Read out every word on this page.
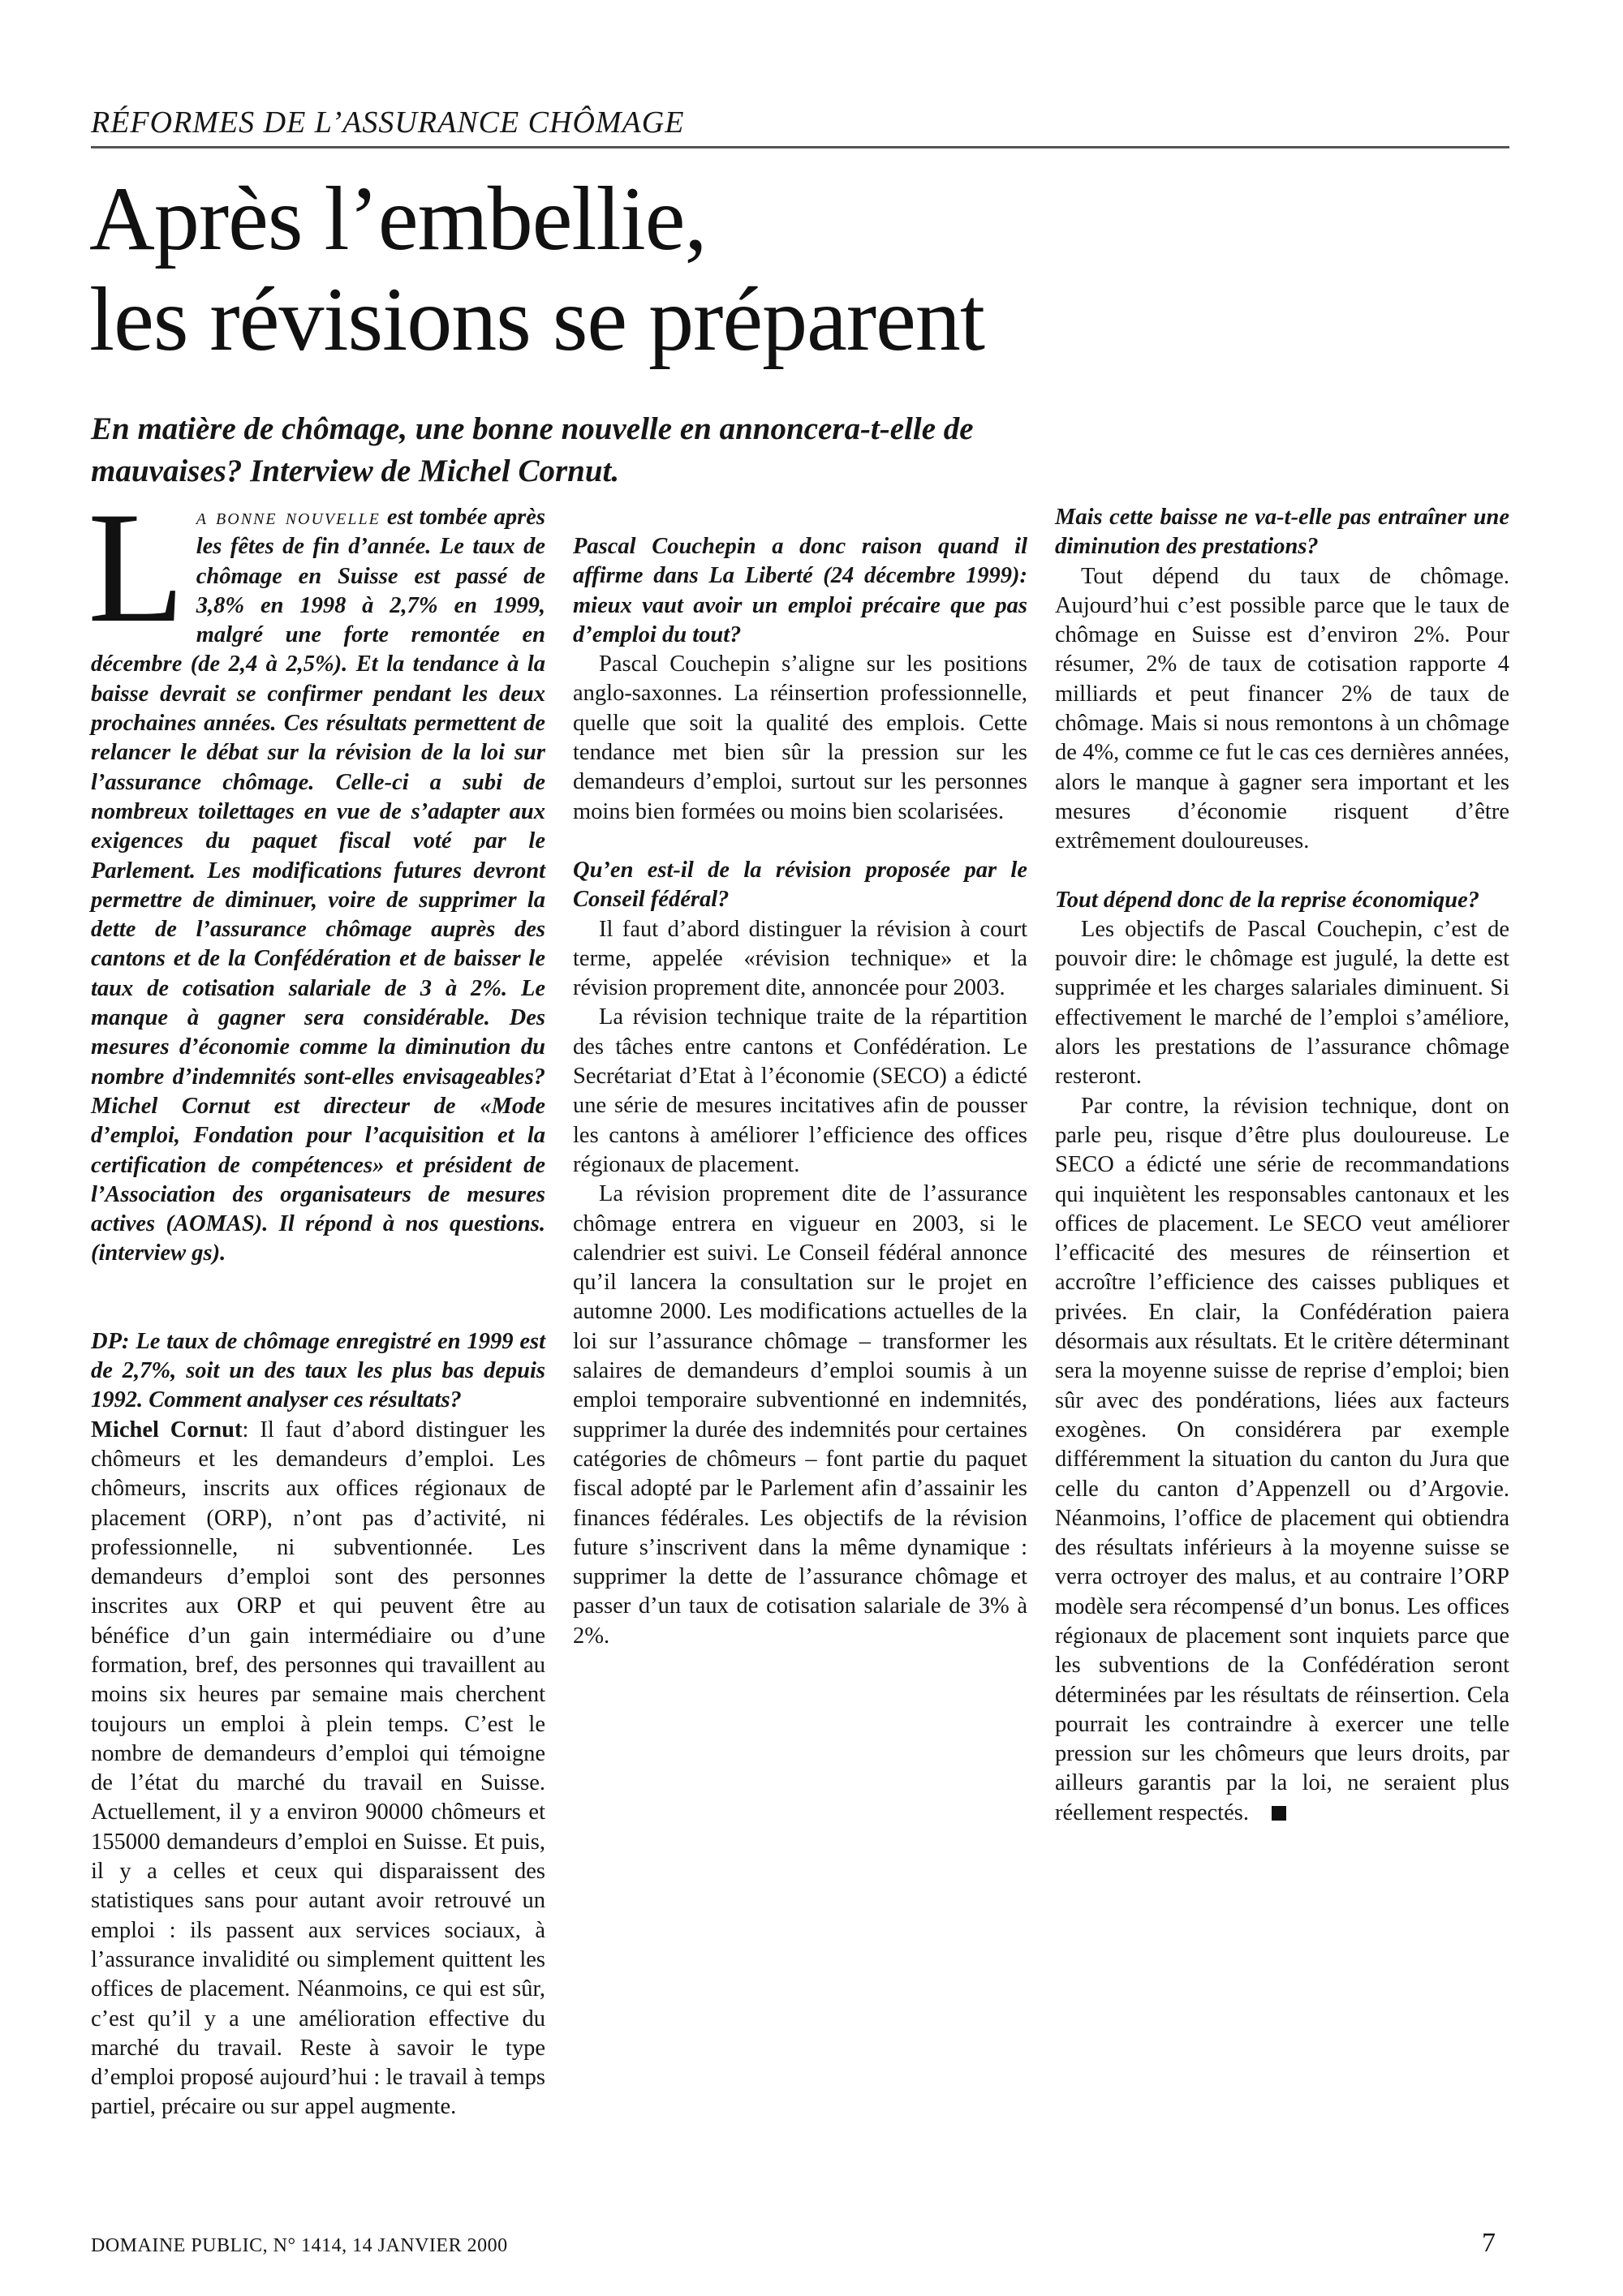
RÉFORMES DE L’ASSURANCE CHÔMAGE
Après l’embellie,
les révisions se préparent

En matière de chômage, une bonne nouvelle en annoncera-t-elle de
mauvaises? Interview de Michel Cornut.

La bonne nouvelle est tombée après les fêtes de fin d’année. Le taux de chômage en Suisse est passé de 3,8% en 1998 à 2,7% en 1999, malgré une forte remontée en décembre (de 2,4 à 2,5%). Et la tendance à la baisse devrait se confirmer pendant les deux prochaines années. Ces résultats permettent de relancer le débat sur la révision de la loi sur l’assurance chômage. Celle-ci a subi de nombreux toilettages en vue de s’adapter aux exigences du paquet fiscal voté par le Parlement. Les modifications futures devront permettre de diminuer, voire de supprimer la dette de l’assurance chômage auprès des cantons et de la Confédération et de baisser le taux de cotisation salariale de 3 à 2%. Le manque à gagner sera considérable. Des mesures d’économie comme la diminution du nombre d’indemnités sont-elles envisageables? Michel Cornut est directeur de «Mode d’emploi, Fondation pour l’acquisition et la certification de compétences» et président de l’Association des organisateurs de mesures actives (AOMAS). Il répond à nos questions. (interview gs).

DP: Le taux de chômage enregistré en 1999 est de 2,7%, soit un des taux les plus bas depuis 1992. Comment analyser ces résultats?

Michel Cornut: Il faut d’abord distinguer les chômeurs et les demandeurs d’emploi. Les chômeurs, inscrits aux offices régionaux de placement (ORP), n’ont pas d’activité, ni professionnelle, ni subventionnée. Les demandeurs d’emploi sont des personnes inscrites aux ORP et qui peuvent être au bénéfice d’un gain intermédiaire ou d’une formation, bref, des personnes qui travaillent au moins six heures par semaine mais cherchent toujours un emploi à plein temps. C’est le nombre de demandeurs d’emploi qui témoigne de l’état du marché du travail en Suisse. Actuellement, il y a environ 90000 chômeurs et 155000 demandeurs d’emploi en Suisse. Et puis, il y a celles et ceux qui disparaissent des statistiques sans pour autant avoir retrouvé un emploi : ils passent aux services sociaux, à l’assurance invalidité ou simplement quittent les offices de placement. Néanmoins, ce qui est sûr, c’est qu’il y a une amélioration effective du marché du travail. Reste à savoir le type d’emploi proposé aujourd’hui : le travail à temps partiel, précaire ou sur appel augmente.

Pascal Couchepin a donc raison quand il affirme dans La Liberté (24 décembre 1999): mieux vaut avoir un emploi précaire que pas d’emploi du tout?

Pascal Couchepin s’aligne sur les positions anglo-saxonnes. La réinsertion professionnelle, quelle que soit la qualité des emplois. Cette tendance met bien sûr la pression sur les demandeurs d’emploi, surtout sur les personnes moins bien formées ou moins bien scolarisées.

Qu’en est-il de la révision proposée par le Conseil fédéral?

Il faut d’abord distinguer la révision à court terme, appelée «révision technique» et la révision proprement dite, annoncée pour 2003.

La révision technique traite de la répartition des tâches entre cantons et Confédération. Le Secrétariat d’Etat à l’économie (SECO) a édicté une série de mesures incitatives afin de pousser les cantons à améliorer l’efficience des offices régionaux de placement.

La révision proprement dite de l’assurance chômage entrera en vigueur en 2003, si le calendrier est suivi. Le Conseil fédéral annonce qu’il lancera la consultation sur le projet en automne 2000. Les modifications actuelles de la loi sur l’assurance chômage – transformer les salaires de demandeurs d’emploi soumis à un emploi temporaire subventionné en indemnités, supprimer la durée des indemnités pour certaines catégories de chômeurs – font partie du paquet fiscal adopté par le Parlement afin d’assainir les finances fédérales. Les objectifs de la révision future s’inscrivent dans la même dynamique : supprimer la dette de l’assurance chômage et passer d’un taux de cotisation salariale de 3% à 2%.

Mais cette baisse ne va-t-elle pas entraîner une diminution des prestations?

Tout dépend du taux de chômage. Aujourd’hui c’est possible parce que le taux de chômage en Suisse est d’environ 2%. Pour résumer, 2% de taux de cotisation rapporte 4 milliards et peut financer 2% de taux de chômage. Mais si nous remontons à un chômage de 4%, comme ce fut le cas ces dernières années, alors le manque à gagner sera important et les mesures d’économie risquent d’être extrêmement douloureuses.

Tout dépend donc de la reprise économique?

Les objectifs de Pascal Couchepin, c’est de pouvoir dire: le chômage est jugulé, la dette est supprimée et les charges salariales diminuent. Si effectivement le marché de l’emploi s’améliore, alors les prestations de l’assurance chômage resteront.

Par contre, la révision technique, dont on parle peu, risque d’être plus douloureuse. Le SECO a édicté une série de recommandations qui inquiètent les responsables cantonaux et les offices de placement. Le SECO veut améliorer l’efficacité des mesures de réinsertion et accroître l’efficience des caisses publiques et privées. En clair, la Confédération paiera désormais aux résultats. Et le critère déterminant sera la moyenne suisse de reprise d’emploi; bien sûr avec des pondérations, liées aux facteurs exogènes. On considérera par exemple différemment la situation du canton du Jura que celle du canton d’Appenzell ou d’Argovie. Néanmoins, l’office de placement qui obtiendra des résultats inférieurs à la moyenne suisse se verra octroyer des malus, et au contraire l’ORP modèle sera récompensé d’un bonus. Les offices régionaux de placement sont inquiets parce que les subventions de la Confédération seront déterminées par les résultats de réinsertion. Cela pourrait les contraindre à exercer une telle pression sur les chômeurs que leurs droits, par ailleurs garantis par la loi, ne seraient plus réellement respectés.

DOMAINE PUBLIC, N° 1414, 14 JANVIER 2000	7
